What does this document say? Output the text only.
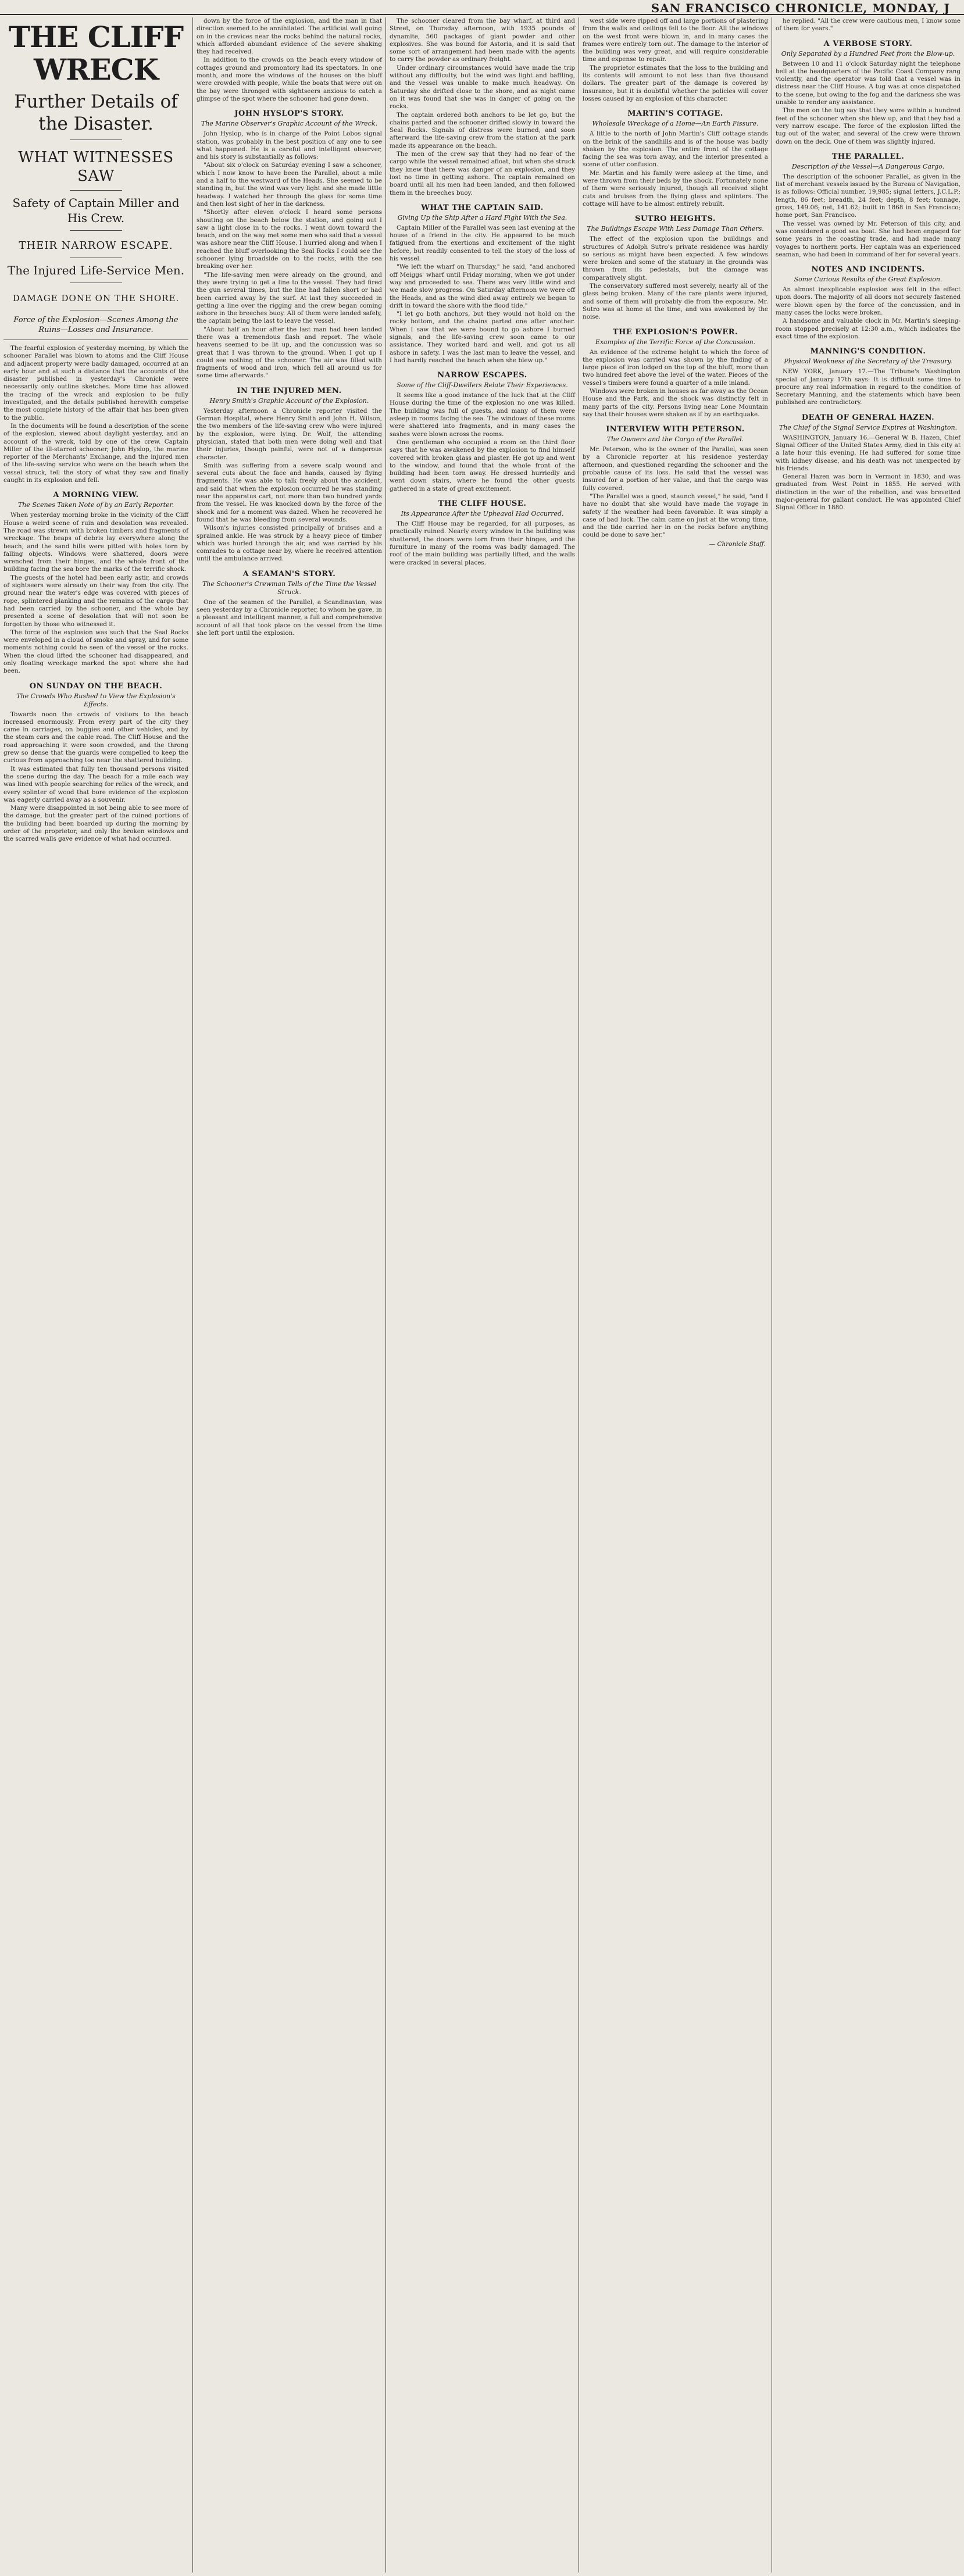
SAN FRANCISCO CHRONICLE, MONDAY, J
THE CLIFF WRECK
Further Details of the Disaster.
WHAT WITNESSES SAW
Safety of Captain Miller and His Crew.
THEIR NARROW ESCAPE.
The Injured Life-Service Men.
DAMAGE DONE ON THE SHORE.
Force of the Explosion—Scenes Among the Ruins—Losses and Insurance.
The fearful explosion of yesterday morning, by which the schooner Parallel was blown to atoms and the Cliff House and adjacent property were badly damaged, occurred at an early hour and at such a distance that the accounts of the disaster published in yesterday's Chronicle were necessarily only outline sketches. More time has allowed the tracing of the wreck and explosion to be fully investigated, and the details published herewith comprise the most complete history of the affair that has been given to the public.
In the documents will be found a description of the scene of the explosion, viewed about daylight yesterday, and an account of the wreck, told by one of the crew. Captain Miller of the ill-starred schooner, John Hyslop, the marine reporter of the Merchants' Exchange, and the injured men of the life-saving service who were on the beach when the vessel struck, tell the story of what they saw and finally caught in its explosion and fell.
A MORNING VIEW.
The Scenes Taken Note of by an Early Reporter.
When yesterday morning broke in the vicinity of the Cliff House a weird scene of ruin and desolation was revealed. The road was strewn with broken timbers and fragments of wreckage. The heaps of debris lay everywhere along the beach, and the sand hills were pitted with holes torn by falling objects. Windows were shattered, doors were wrenched from their hinges, and the whole front of the building facing the sea bore the marks of the terrific shock.
The guests of the hotel had been early astir, and crowds of sightseers were already on their way from the city. The ground near the water's edge was covered with pieces of rope, splintered planking and the remains of the cargo that had been carried by the schooner, and the whole bay presented a scene of desolation that will not soon be forgotten by those who witnessed it.
The force of the explosion was such that the Seal Rocks were enveloped in a cloud of smoke and spray, and for some moments nothing could be seen of the vessel or the rocks. When the cloud lifted the schooner had disappeared, and only floating wreckage marked the spot where she had been.
ON SUNDAY ON THE BEACH.
The Crowds Who Rushed to View the Explosion's Effects.
Towards noon the crowds of visitors to the beach increased enormously. From every part of the city they came in carriages, on buggies and other vehicles, and by the steam cars and the cable road. The Cliff House and the road approaching it were soon crowded, and the throng grew so dense that the guards were compelled to keep the curious from approaching too near the shattered building.
It was estimated that fully ten thousand persons visited the scene during the day. The beach for a mile each way was lined with people searching for relics of the wreck, and every splinter of wood that bore evidence of the explosion was eagerly carried away as a souvenir.
Many were disappointed in not being able to see more of the damage, but the greater part of the ruined portions of the building had been boarded up during the morning by order of the proprietor, and only the broken windows and the scarred walls gave evidence of what had occurred.
down by the force of the explosion, and the man in that direction seemed to be annihilated. The artificial wall going on in the crevices near the rocks behind the natural rocks, which afforded abundant evidence of the severe shaking they had received.
In addition to the crowds on the beach every window of cottages ground and promontory had its spectators. In one month, and more the windows of the houses on the bluff were crowded with people, while the boats that were out on the bay were thronged with sightseers anxious to catch a glimpse of the spot where the schooner had gone down.
JOHN HYSLOP'S STORY.
The Marine Observer's Graphic Account of the Wreck.
John Hyslop, who is in charge of the Point Lobos signal station, was probably in the best position of any one to see what happened. He is a careful and intelligent observer, and his story is substantially as follows:
"About six o'clock on Saturday evening I saw a schooner, which I now know to have been the Parallel, about a mile and a half to the westward of the Heads. She seemed to be standing in, but the wind was very light and she made little headway. I watched her through the glass for some time and then lost sight of her in the darkness.
"Shortly after eleven o'clock I heard some persons shouting on the beach below the station, and going out I saw a light close in to the rocks. I went down toward the beach, and on the way met some men who said that a vessel was ashore near the Cliff House. I hurried along and when I reached the bluff overlooking the Seal Rocks I could see the schooner lying broadside on to the rocks, with the sea breaking over her.
"The life-saving men were already on the ground, and they were trying to get a line to the vessel. They had fired the gun several times, but the line had fallen short or had been carried away by the surf. At last they succeeded in getting a line over the rigging and the crew began coming ashore in the breeches buoy. All of them were landed safely, the captain being the last to leave the vessel.
"About half an hour after the last man had been landed there was a tremendous flash and report. The whole heavens seemed to be lit up, and the concussion was so great that I was thrown to the ground. When I got up I could see nothing of the schooner. The air was filled with fragments of wood and iron, which fell all around us for some time afterwards."
IN THE INJURED MEN.
Henry Smith's Graphic Account of the Explosion.
Yesterday afternoon a Chronicle reporter visited the German Hospital, where Henry Smith and John H. Wilson, the two members of the life-saving crew who were injured by the explosion, were lying. Dr. Wolf, the attending physician, stated that both men were doing well and that their injuries, though painful, were not of a dangerous character.
Smith was suffering from a severe scalp wound and several cuts about the face and hands, caused by flying fragments. He was able to talk freely about the accident, and said that when the explosion occurred he was standing near the apparatus cart, not more than two hundred yards from the vessel. He was knocked down by the force of the shock and for a moment was dazed. When he recovered he found that he was bleeding from several wounds.
Wilson's injuries consisted principally of bruises and a sprained ankle. He was struck by a heavy piece of timber which was hurled through the air, and was carried by his comrades to a cottage near by, where he received attention until the ambulance arrived.
A SEAMAN'S STORY.
The Schooner's Crewman Tells of the Time the Vessel Struck.
One of the seamen of the Parallel, a Scandinavian, was seen yesterday by a Chronicle reporter, to whom he gave, in a pleasant and intelligent manner, a full and comprehensive account of all that took place on the vessel from the time she left port until the explosion.
The schooner cleared from the bay wharf, at third and Street, on Thursday afternoon, with 1935 pounds of dynamite, 560 packages of giant powder and other explosives. She was bound for Astoria, and it is said that some sort of arrangement had been made with the agents to carry the powder as ordinary freight.
Under ordinary circumstances would have made the trip without any difficulty, but the wind was light and baffling, and the vessel was unable to make much headway. On Saturday she drifted close to the shore, and as night came on it was found that she was in danger of going on the rocks.
The captain ordered both anchors to be let go, but the chains parted and the schooner drifted slowly in toward the Seal Rocks. Signals of distress were burned, and soon afterward the life-saving crew from the station at the park made its appearance on the beach.
The men of the crew say that they had no fear of the cargo while the vessel remained afloat, but when she struck they knew that there was danger of an explosion, and they lost no time in getting ashore. The captain remained on board until all his men had been landed, and then followed them in the breeches buoy.
WHAT THE CAPTAIN SAID.
Giving Up the Ship After a Hard Fight With the Sea.
Captain Miller of the Parallel was seen last evening at the house of a friend in the city. He appeared to be much fatigued from the exertions and excitement of the night before, but readily consented to tell the story of the loss of his vessel.
"We left the wharf on Thursday," he said, "and anchored off Meiggs' wharf until Friday morning, when we got under way and proceeded to sea. There was very little wind and we made slow progress. On Saturday afternoon we were off the Heads, and as the wind died away entirely we began to drift in toward the shore with the flood tide."
"I let go both anchors, but they would not hold on the rocky bottom, and the chains parted one after another. When I saw that we were bound to go ashore I burned signals, and the life-saving crew soon came to our assistance. They worked hard and well, and got us all ashore in safety. I was the last man to leave the vessel, and I had hardly reached the beach when she blew up."
NARROW ESCAPES.
Some of the Cliff-Dwellers Relate Their Experiences.
It seems like a good instance of the luck that at the Cliff House during the time of the explosion no one was killed. The building was full of guests, and many of them were asleep in rooms facing the sea. The windows of these rooms were shattered into fragments, and in many cases the sashes were blown across the rooms.
One gentleman who occupied a room on the third floor says that he was awakened by the explosion to find himself covered with broken glass and plaster. He got up and went to the window, and found that the whole front of the building had been torn away. He dressed hurriedly and went down stairs, where he found the other guests gathered in a state of great excitement.
THE CLIFF HOUSE.
Its Appearance After the Upheaval Had Occurred.
The Cliff House may be regarded, for all purposes, as practically ruined. Nearly every window in the building was shattered, the doors were torn from their hinges, and the furniture in many of the rooms was badly damaged. The roof of the main building was partially lifted, and the walls were cracked in several places.
west side were ripped off and large portions of plastering from the walls and ceilings fell to the floor. All the windows on the west front were blown in, and in many cases the frames were entirely torn out. The damage to the interior of the building was very great, and will require considerable time and expense to repair.
The proprietor estimates that the loss to the building and its contents will amount to not less than five thousand dollars. The greater part of the damage is covered by insurance, but it is doubtful whether the policies will cover losses caused by an explosion of this character.
MARTIN'S COTTAGE.
Wholesale Wreckage of a Home—An Earth Fissure.
A little to the north of John Martin's Cliff cottage stands on the brink of the sandhills and is of the house was badly shaken by the explosion. The entire front of the cottage facing the sea was torn away, and the interior presented a scene of utter confusion.
Mr. Martin and his family were asleep at the time, and were thrown from their beds by the shock. Fortunately none of them were seriously injured, though all received slight cuts and bruises from the flying glass and splinters. The cottage will have to be almost entirely rebuilt.
SUTRO HEIGHTS.
The Buildings Escape With Less Damage Than Others.
The effect of the explosion upon the buildings and structures of Adolph Sutro's private residence was hardly so serious as might have been expected. A few windows were broken and some of the statuary in the grounds was thrown from its pedestals, but the damage was comparatively slight.
The conservatory suffered most severely, nearly all of the glass being broken. Many of the rare plants were injured, and some of them will probably die from the exposure. Mr. Sutro was at home at the time, and was awakened by the noise.
THE EXPLOSION'S POWER.
Examples of the Terrific Force of the Concussion.
An evidence of the extreme height to which the force of the explosion was carried was shown by the finding of a large piece of iron lodged on the top of the bluff, more than two hundred feet above the level of the water. Pieces of the vessel's timbers were found a quarter of a mile inland.
Windows were broken in houses as far away as the Ocean House and the Park, and the shock was distinctly felt in many parts of the city. Persons living near Lone Mountain say that their houses were shaken as if by an earthquake.
INTERVIEW WITH PETERSON.
The Owners and the Cargo of the Parallel.
Mr. Peterson, who is the owner of the Parallel, was seen by a Chronicle reporter at his residence yesterday afternoon, and questioned regarding the schooner and the probable cause of its loss. He said that the vessel was insured for a portion of her value, and that the cargo was fully covered.
"The Parallel was a good, staunch vessel," he said, "and I have no doubt that she would have made the voyage in safety if the weather had been favorable. It was simply a case of bad luck. The calm came on just at the wrong time, and the tide carried her in on the rocks before anything could be done to save her."
— Chronicle Staff.
he replied. "All the crew were cautious men, I know some of them for years."
A VERBOSE STORY.
Only Separated by a Hundred Feet from the Blow-up.
Between 10 and 11 o'clock Saturday night the telephone bell at the headquarters of the Pacific Coast Company rang violently, and the operator was told that a vessel was in distress near the Cliff House. A tug was at once dispatched to the scene, but owing to the fog and the darkness she was unable to render any assistance.
The men on the tug say that they were within a hundred feet of the schooner when she blew up, and that they had a very narrow escape. The force of the explosion lifted the tug out of the water, and several of the crew were thrown down on the deck. One of them was slightly injured.
THE PARALLEL.
Description of the Vessel—A Dangerous Cargo.
The description of the schooner Parallel, as given in the list of merchant vessels issued by the Bureau of Navigation, is as follows: Official number, 19,985; signal letters, J.C.L.P.; length, 86 feet; breadth, 24 feet; depth, 8 feet; tonnage, gross, 149.06; net, 141.62; built in 1868 in San Francisco; home port, San Francisco.
The vessel was owned by Mr. Peterson of this city, and was considered a good sea boat. She had been engaged for some years in the coasting trade, and had made many voyages to northern ports. Her captain was an experienced seaman, who had been in command of her for several years.
NOTES AND INCIDENTS.
Some Curious Results of the Great Explosion.
An almost inexplicable explosion was felt in the effect upon doors. The majority of all doors not securely fastened were blown open by the force of the concussion, and in many cases the locks were broken.
A handsome and valuable clock in Mr. Martin's sleeping-room stopped precisely at 12:30 a.m., which indicates the exact time of the explosion.
MANNING'S CONDITION.
Physical Weakness of the Secretary of the Treasury.
NEW YORK, January 17.—The Tribune's Washington special of January 17th says: It is difficult some time to procure any real information in regard to the condition of Secretary Manning, and the statements which have been published are contradictory.
DEATH OF GENERAL HAZEN.
The Chief of the Signal Service Expires at Washington.
WASHINGTON, January 16.—General W. B. Hazen, Chief Signal Officer of the United States Army, died in this city at a late hour this evening. He had suffered for some time with kidney disease, and his death was not unexpected by his friends.
General Hazen was born in Vermont in 1830, and was graduated from West Point in 1855. He served with distinction in the war of the rebellion, and was brevetted major-general for gallant conduct. He was appointed Chief Signal Officer in 1880.
